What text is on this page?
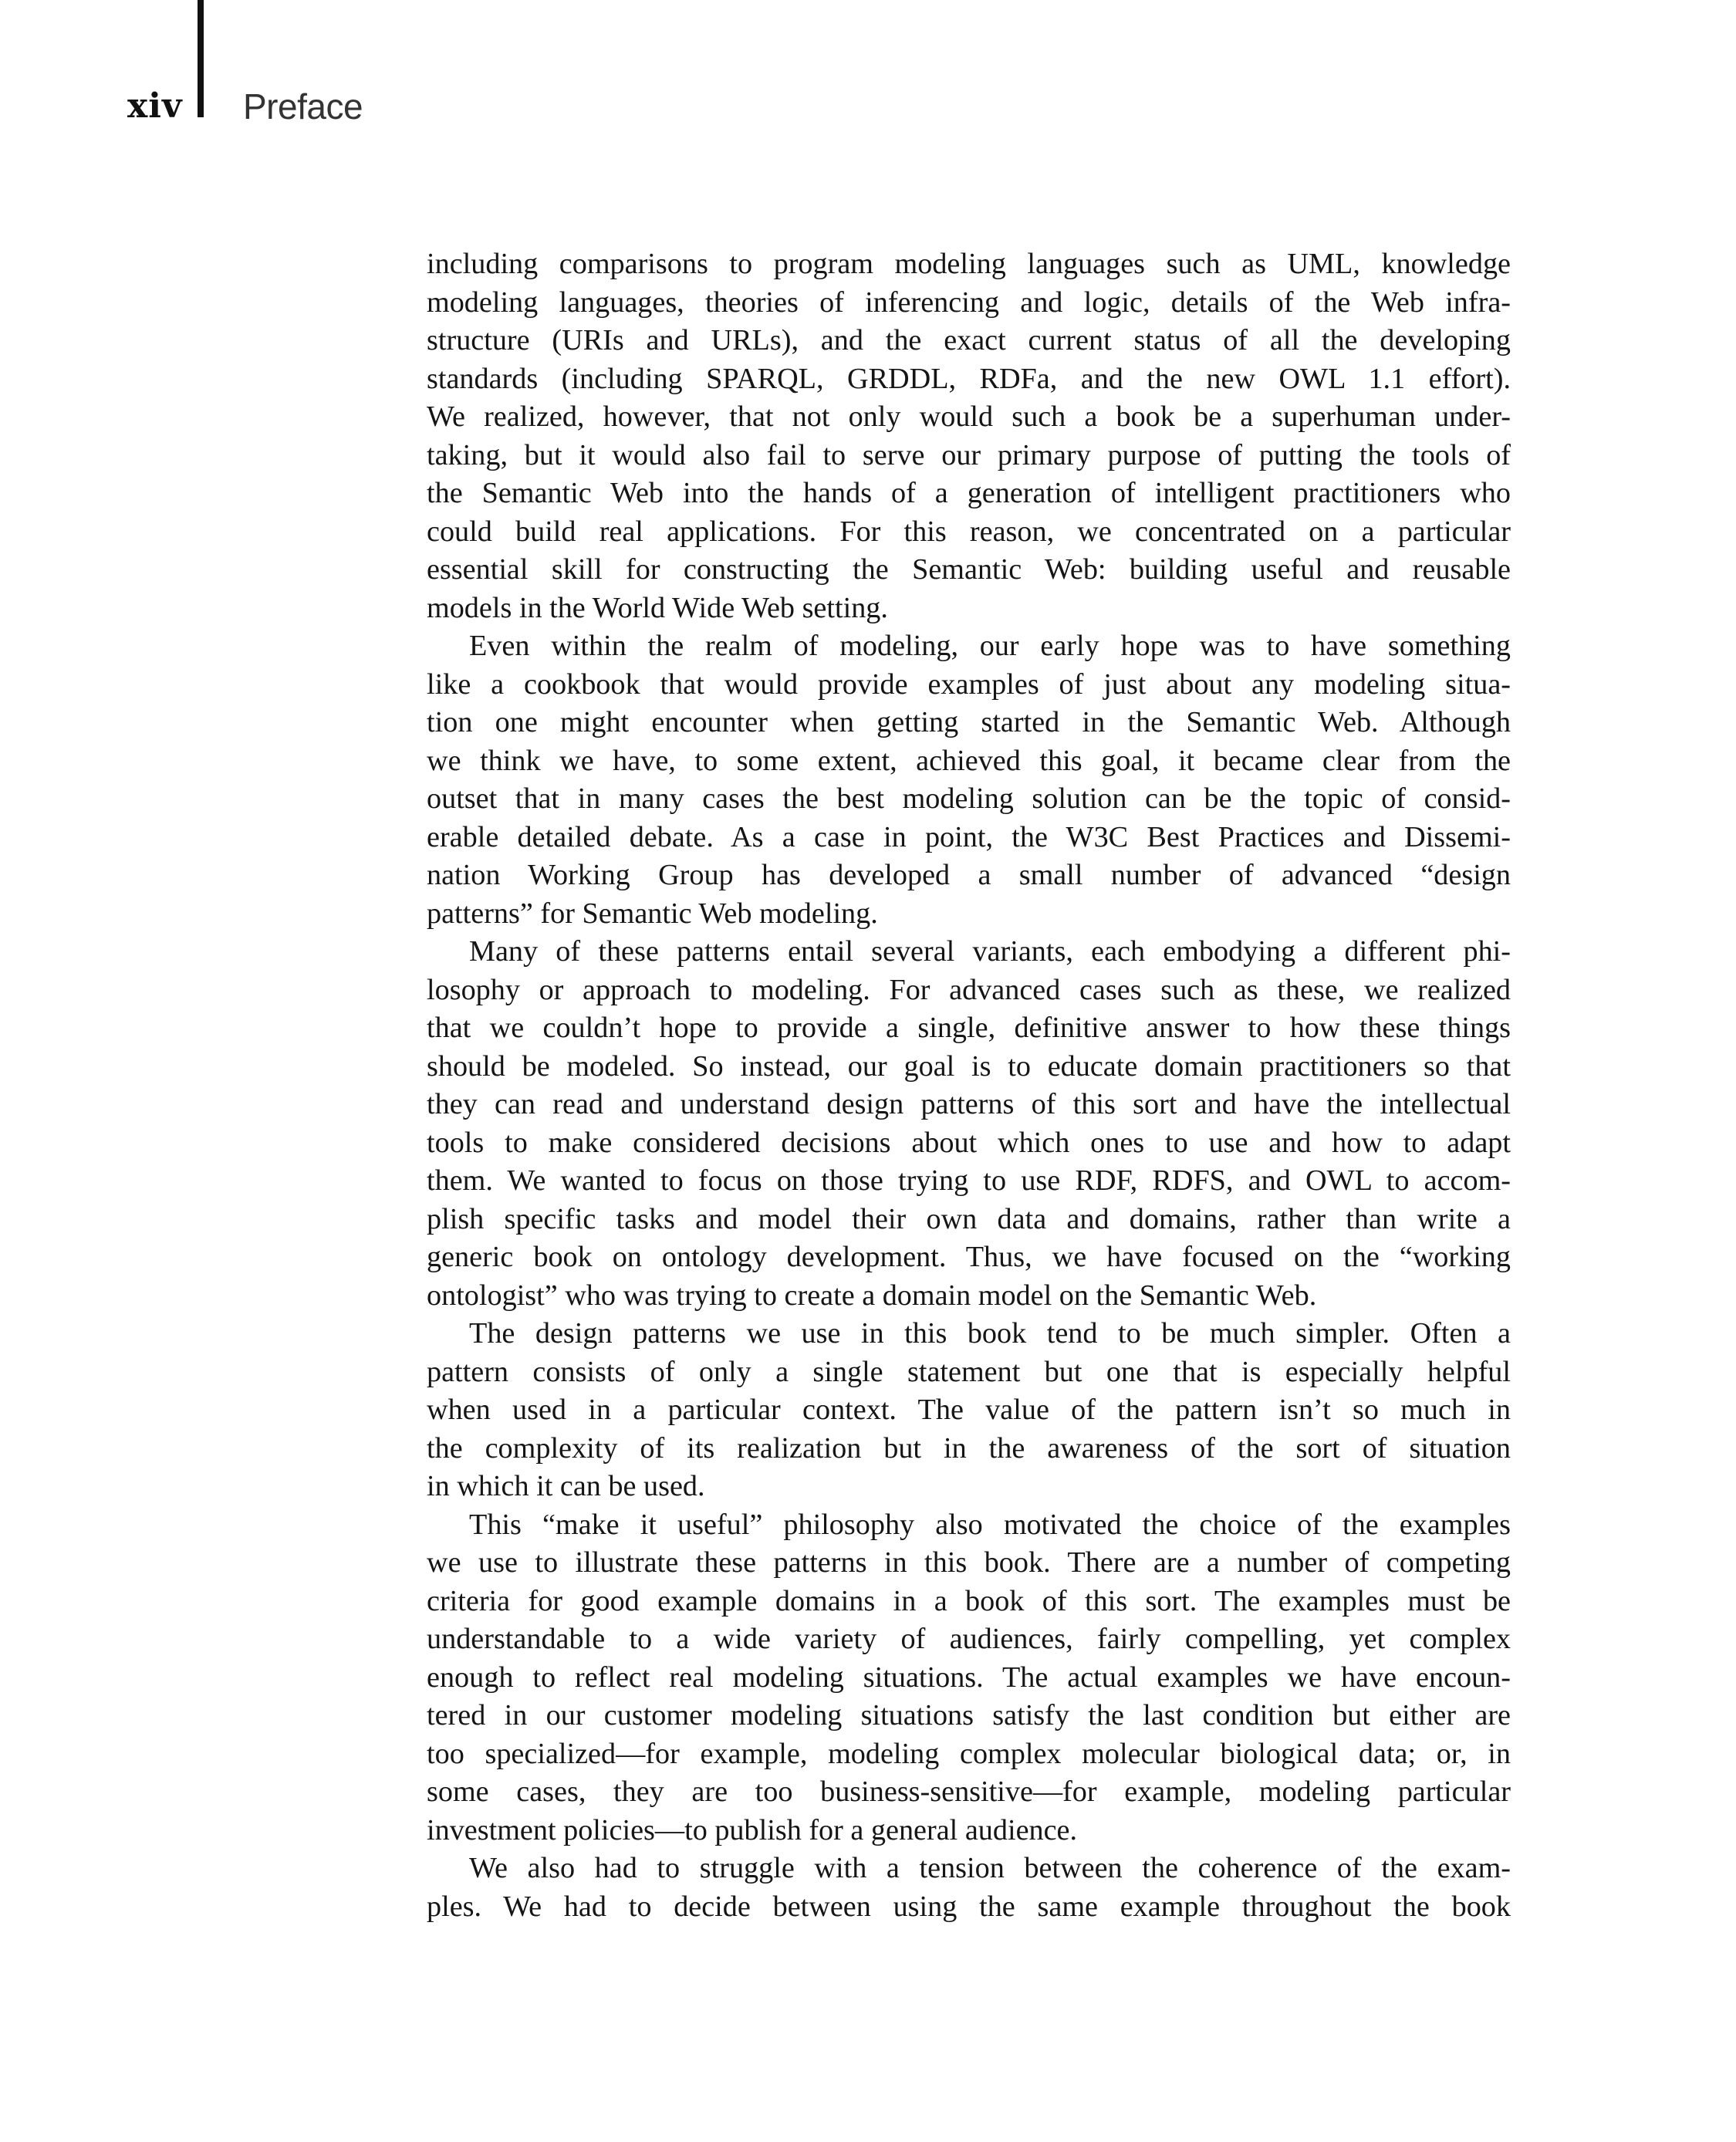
xiv Preface

including comparisons to program modeling languages such as UML, knowledge

modeling languages, theories of inferencing and logic, details of the Web infra-

structure (URIs and URLs), and the exact current status of all the developing

standards (including SPARQL, GRDDL, RDFa, and the new OWL 1.1 effort).

We realized, however, that not only would such a book be a superhuman under-

taking, but it would also fail to serve our primary purpose of putting the tools of

the Semantic Web into the hands of a generation of intelligent practitioners who

could build real applications. For this reason, we concentrated on a particular

essential skill for constructing the Semantic Web: building useful and reusable

models in the World Wide Web setting.

Even within the realm of modeling, our early hope was to have something

like a cookbook that would provide examples of just about any modeling situa-

tion one might encounter when getting started in the Semantic Web. Although

we think we have, to some extent, achieved this goal, it became clear from the

outset that in many cases the best modeling solution can be the topic of consid-

erable detailed debate. As a case in point, the W3C Best Practices and Dissemi-

nation Working Group has developed a small number of advanced “design

patterns” for Semantic Web modeling.

Many of these patterns entail several variants, each embodying a different phi-

losophy or approach to modeling. For advanced cases such as these, we realized

that we couldn’t hope to provide a single, definitive answer to how these things

should be modeled. So instead, our goal is to educate domain practitioners so that

they can read and understand design patterns of this sort and have the intellectual

tools to make considered decisions about which ones to use and how to adapt

them. We wanted to focus on those trying to use RDF, RDFS, and OWL to accom-

plish specific tasks and model their own data and domains, rather than write a

generic book on ontology development. Thus, we have focused on the “working

ontologist” who was trying to create a domain model on the Semantic Web.

The design patterns we use in this book tend to be much simpler. Often a

pattern consists of only a single statement but one that is especially helpful

when used in a particular context. The value of the pattern isn’t so much in

the complexity of its realization but in the awareness of the sort of situation

in which it can be used.

This “make it useful” philosophy also motivated the choice of the examples

we use to illustrate these patterns in this book. There are a number of competing

criteria for good example domains in a book of this sort. The examples must be

understandable to a wide variety of audiences, fairly compelling, yet complex

enough to reflect real modeling situations. The actual examples we have encoun-

tered in our customer modeling situations satisfy the last condition but either are

too specialized—for example, modeling complex molecular biological data; or, in

some cases, they are too business-sensitive—for example, modeling particular

investment policies—to publish for a general audience.

We also had to struggle with a tension between the coherence of the exam-

ples. We had to decide between using the same example throughout the book
